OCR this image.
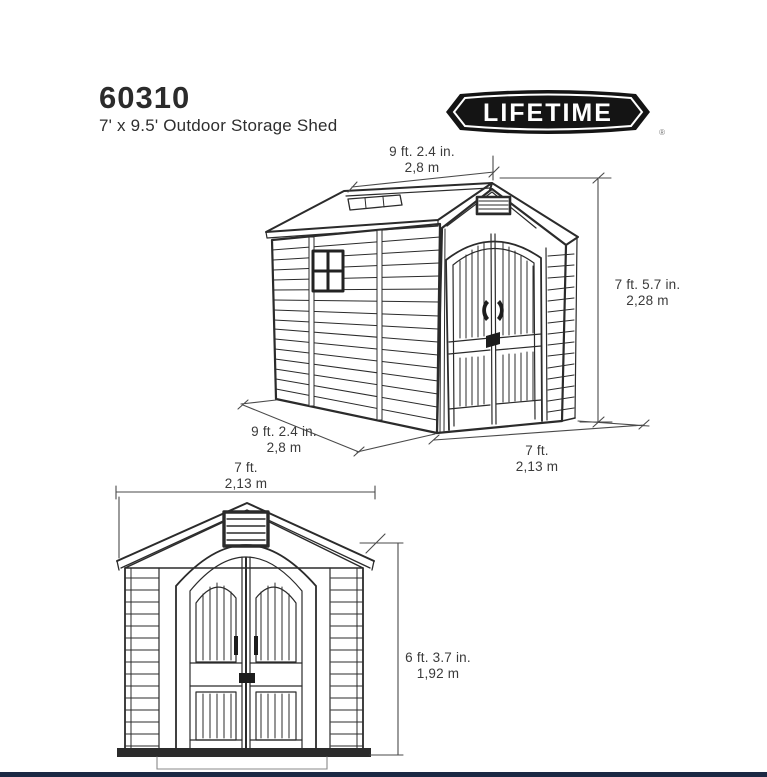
60310
7' x 9.5' Outdoor Storage Shed	LIFETIME
®
9 ft. 2.4 in.
2,8 m
7 ft. 5.7 in.
2,28 m
9 ft. 2.4 in.
2,8 m	7 ft.
2,13 m
7 ft.
2,13 m
6 ft. 3.7 in.
1,92 m
